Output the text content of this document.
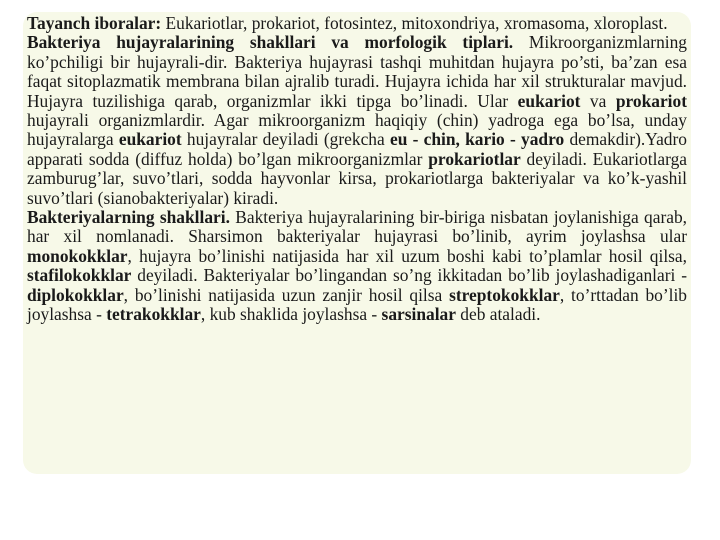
Tayanch iboralar: Eukariotlar, prokariot, fotosintez, mitoxondriya, xromasoma, xloroplast.

Bakteriya hujayralarining shakllari va morfologik tiplari. Mikroorganizmlarning ko’pchiligi bir hujayrali-dir. Bakteriya hujayrasi tashqi muhitdan hujayra po’sti, ba’zan esa faqat sitoplazmatik membrana bilan ajralib turadi. Hujayra ichida har xil strukturalar mavjud. Hujayra tuzilishiga qarab, organizmlar ikki tipga bo’linadi. Ular eukariot va prokariot hujayrali organizmlardir. Agar mikroorganizm haqiqiy (chin) yadroga ega bo’lsa, unday hujayralarga eukariot hujayralar deyiladi (grekcha eu - chin, kario - yadro demakdir).Yadro apparati sodda (diffuz holda) bo’lgan mikroorganizmlar prokariotlar deyiladi. Eukariotlarga zamburug’lar, suvo’tlari, sodda hayvonlar kirsa, prokariotlarga bakteriyalar va ko’k-yashil suvo’tlari (sianobakteriyalar) kiradi.

Bakteriyalarning shakllari. Bakteriya hujayralarining bir-biriga nisbatan joylanishiga qarab, har xil nomlanadi. Sharsimon bakteriyalar hujayrasi bo’linib, ayrim joylashsa ular monokokklar, hujayra bo’linishi natijasida har xil uzum boshi kabi to’plamlar hosil qilsa, stafilokokklar deyiladi. Bakteriyalar bo’lingandan so’ng ikkitadan bo’lib joylashadiganlari - diplokokklar, bo’linishi natijasida uzun zanjir hosil qilsa streptokokklar, to’rttadan bo’lib joylashsa - tetrakokklar, kub shaklida joylashsa - sarsinalar deb ataladi.
